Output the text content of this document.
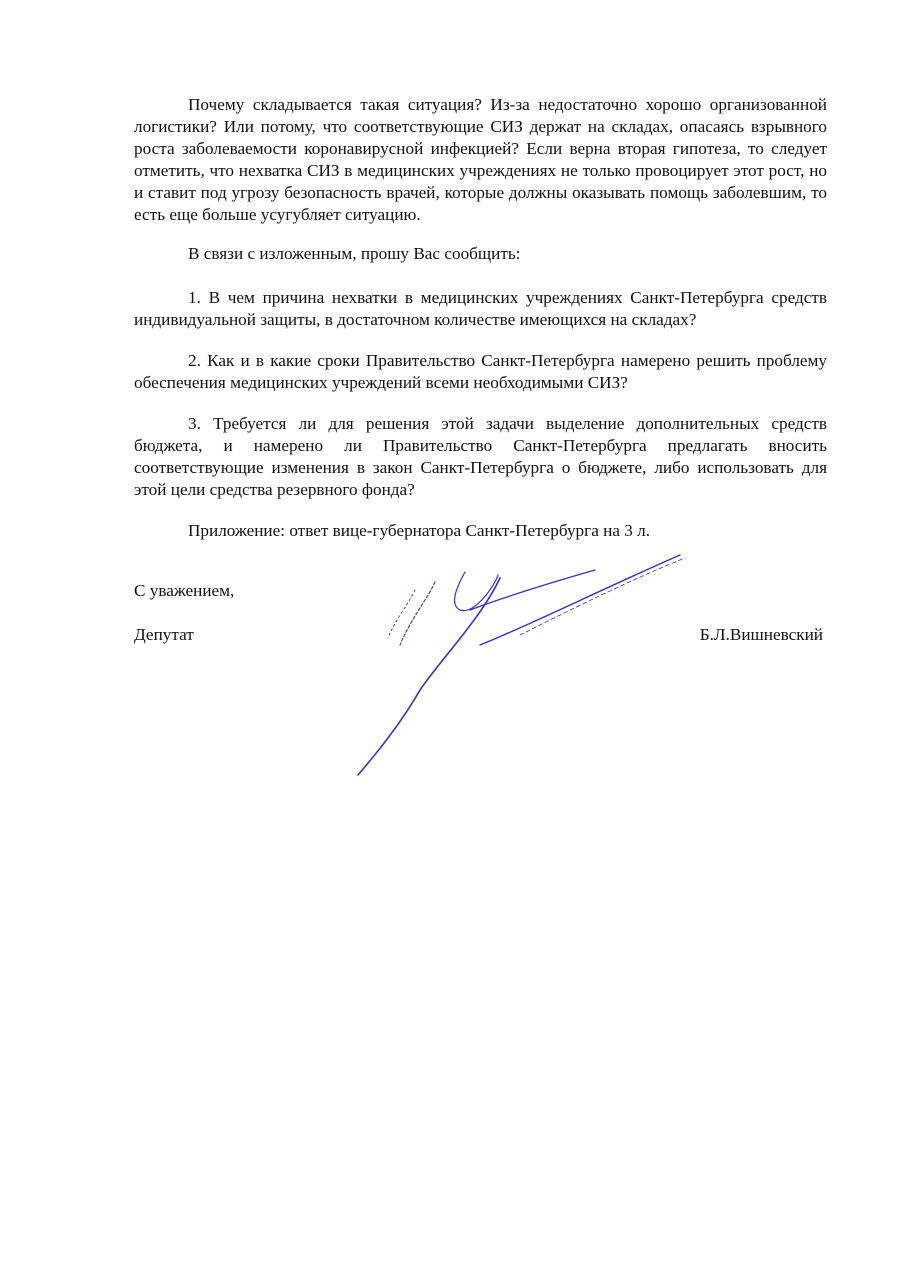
Почему складывается такая ситуация? Из-за недостаточно хорошо организованной логистики? Или потому, что соответствующие СИЗ держат на складах, опасаясь взрывного роста заболеваемости коронавирусной инфекцией? Если верна вторая гипотеза, то следует отметить, что нехватка СИЗ в медицинских учреждениях не только провоцирует этот рост, но и ставит под угрозу безопасность врачей, которые должны оказывать помощь заболевшим, то есть еще больше усугубляет ситуацию.

В связи с изложенным, прошу Вас сообщить:

1. В чем причина нехватки в медицинских учреждениях Санкт-Петербурга средств индивидуальной защиты, в достаточном количестве имеющихся на складах?

2. Как и в какие сроки Правительство Санкт-Петербурга намерено решить проблему обеспечения медицинских учреждений всеми необходимыми СИЗ?

3. Требуется ли для решения этой задачи выделение дополнительных средств бюджета, и намерено ли Правительство Санкт-Петербурга предлагать вносить соответствующие изменения в закон Санкт-Петербурга о бюджете, либо использовать для этой цели средства резервного фонда?

Приложение: ответ вице-губернатора Санкт-Петербурга на 3 л.

С уважением,

Депутат	Б.Л.Вишневский
